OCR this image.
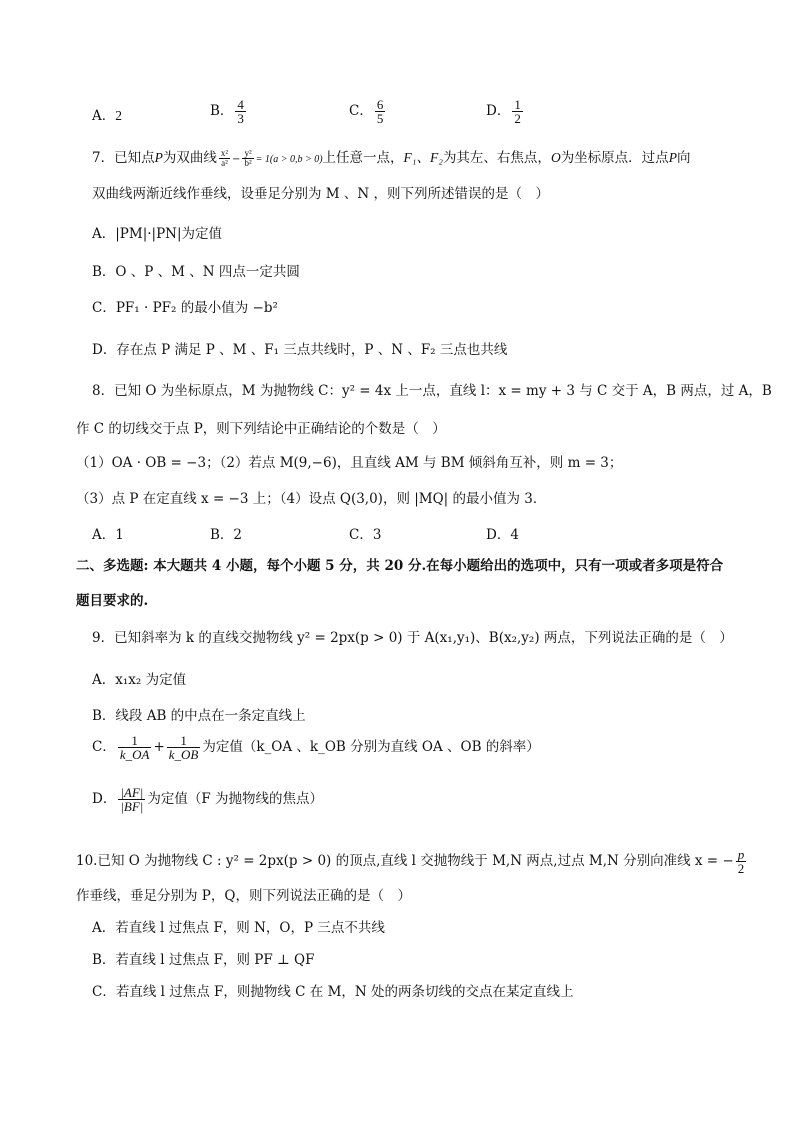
A．2	B． $\frac{4}{3}$	C． $\frac{6}{5}$	D． $\frac{1}{2}$
7．已知点P为双曲线 $\frac{\text{x²}}{\text{a²}} - \frac{\text{y²}}{\text{b²}} = 1(a > 0,b > 0)$上任意一点，F₁、F₂为其左、右焦点，O为坐标原点．过点P向
双曲线两渐近线作垂线，设垂足分别为 M 、N ，则下列所述错误的是（　）
A．|PM|·|PN|为定值
B．O 、P 、M 、N 四点一定共圆
C．PF₁ · PF₂ 的最小值为 −b²
D．存在点 P 满足 P 、M 、F₁ 三点共线时，P 、N 、F₂ 三点也共线
8．已知 O 为坐标原点，M 为抛物线 C：y² = 4x 上一点，直线 l：x = my + 3 与 C 交于 A，B 两点，过 A，B
作 C 的切线交于点 P，则下列结论中正确结论的个数是（　）
（1）OA · OB = −3；（2）若点 M(9,−6)，且直线 AM 与 BM 倾斜角互补，则 m = 3；
（3）点 P 在定直线 x = −3 上；（4）设点 Q(3,0)，则 |MQ| 的最小值为 3．
A．1	B．2	C．3	D．4
二、多选题: 本大题共 4 小题，每个小题 5 分，共 20 分.在每小题给出的选项中，只有一项或者多项是符合
题目要求的.
9．已知斜率为 k 的直线交抛物线 y² = 2px(p > 0) 于 A(x₁,y₁)、B(x₂,y₂) 两点，下列说法正确的是（　）
A．x₁x₂ 为定值
B．线段 AB 的中点在一条定直线上
C． $\frac{1}{k\_OA} + \frac{1}{k\_OB}$ 为定值（k_OA 、k_OB 分别为直线 OA 、OB 的斜率）
D． $\frac{|AF|}{|BF|}$ 为定值（F 为抛物线的焦点）
10.已知 O 为抛物线 C : y² = 2px(p > 0) 的顶点,直线 l 交抛物线于 M,N 两点,过点 M,N 分别向准线 x = − $\frac{p}{2}$
作垂线，垂足分别为 P，Q，则下列说法正确的是（　）
A．若直线 l 过焦点 F，则 N，O，P 三点不共线
B．若直线 l 过焦点 F，则 PF ⊥ QF
C．若直线 l 过焦点 F，则抛物线 C 在 M，N 处的两条切线的交点在某定直线上
